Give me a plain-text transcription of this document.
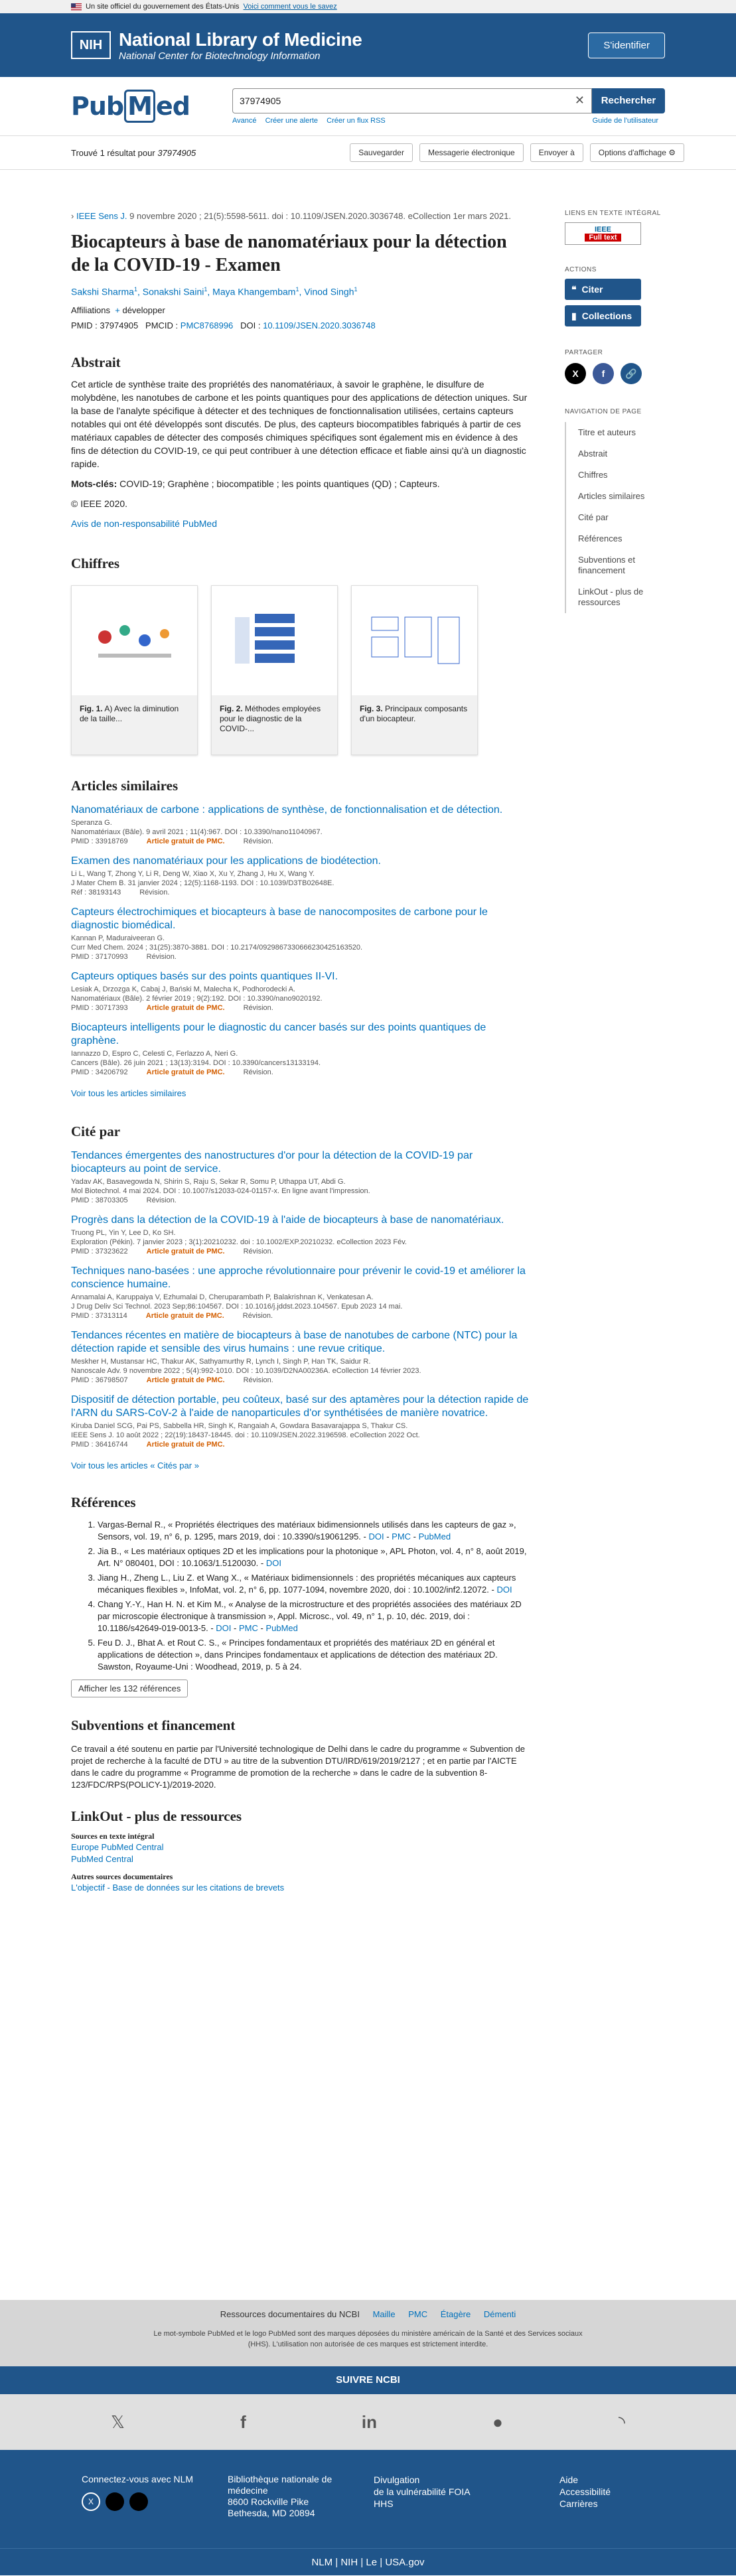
Un site officiel du gouvernement des États-Unis Voici comment vous le savez
NIH National Library of Medicine
National Center for Biotechnology Information
S'identifier
Pub M ed	37974905	✕	Rechercher
Avancé Créer une alerte Créer un flux RSS	Guide de l'utilisateur
Trouvé 1 résultat pour 37974905	Sauvegarder	Messagerie électronique	Envoyer à	Options d'affichage ⚙
› IEEE Sens J. 9 novembre 2020 ; 21(5):5598-5611. doi : 10.1109/JSEN.2020.3036748. eCollection 1er mars 2021.
Biocapteurs à base de nanomatériaux pour la détection de la COVID-19 - Examen
Sakshi Sharma$^1$, Sonakshi Saini$^1$, Maya Khangembam$^1$, Vinod Singh$^1$
Affiliations + développer
PMID : 37974905 PMCID : PMC8768996 DOI : 10.1109/JSEN.2020.3036748
Abstrait

Cet article de synthèse traite des propriétés des nanomatériaux, à savoir le graphène, le disulfure de molybdène, les nanotubes de carbone et les points quantiques pour des applications de détection uniques. Sur la base de l'analyte spécifique à détecter et des techniques de fonctionnalisation utilisées, certains capteurs notables qui ont été développés sont discutés. De plus, des capteurs biocompatibles fabriqués à partir de ces matériaux capables de détecter des composés chimiques spécifiques sont également mis en évidence à des fins de détection du COVID-19, ce qui peut contribuer à une détection efficace et fiable ainsi qu'à un diagnostic rapide.

Mots-clés: COVID-19; Graphène ; biocompatible ; les points quantiques (QD) ; Capteurs.

© IEEE 2020.

Avis de non-responsabilité PubMed

Chiffres
Fig. 1. A) Avec la diminution de la taille...
Fig. 2. Méthodes employées pour le diagnostic de la COVID-...
Fig. 3. Principaux composants d'un biocapteur.
Articles similaires
Nanomatériaux de carbone : applications de synthèse, de fonctionnalisation et de détection.
Speranza G.
Nanomatériaux (Bâle). 9 avril 2021 ; 11(4):967. DOI : 10.3390/nano11040967.
PMID : 33918769	Article gratuit de PMC.	Révision.
Examen des nanomatériaux pour les applications de biodétection.
Li L, Wang T, Zhong Y, Li R, Deng W, Xiao X, Xu Y, Zhang J, Hu X, Wang Y.
J Mater Chem B. 31 janvier 2024 ; 12(5):1168-1193. DOI : 10.1039/D3TB02648E.
Réf : 38193143	Révision.
Capteurs électrochimiques et biocapteurs à base de nanocomposites de carbone pour le diagnostic biomédical.
Kannan P, Maduraiveeran G.
Curr Med Chem. 2024 ; 31(25):3870-3881. DOI : 10.2174/0929867330666230425163520.
PMID : 37170993	Révision.
Capteurs optiques basés sur des points quantiques II-VI.
Lesiak A, Drzozga K, Cabaj J, Bański M, Malecha K, Podhorodecki A.
Nanomatériaux (Bâle). 2 février 2019 ; 9(2):192. DOI : 10.3390/nano9020192.
PMID : 30717393	Article gratuit de PMC.	Révision.
Biocapteurs intelligents pour le diagnostic du cancer basés sur des points quantiques de graphène.
Iannazzo D, Espro C, Celesti C, Ferlazzo A, Neri G.
Cancers (Bâle). 26 juin 2021 ; 13(13):3194. DOI : 10.3390/cancers13133194.
PMID : 34206792	Article gratuit de PMC.	Révision.
Voir tous les articles similaires
Cité par
Tendances émergentes des nanostructures d'or pour la détection de la COVID-19 par biocapteurs au point de service.
Yadav AK, Basavegowda N, Shirin S, Raju S, Sekar R, Somu P, Uthappa UT, Abdi G.
Mol Biotechnol. 4 mai 2024. DOI : 10.1007/s12033-024-01157-x. En ligne avant l'impression.
PMID : 38703305	Révision.
Progrès dans la détection de la COVID-19 à l'aide de biocapteurs à base de nanomatériaux.
Truong PL, Yin Y, Lee D, Ko SH.
Exploration (Pékin). 7 janvier 2023 ; 3(1):20210232. doi : 10.1002/EXP.20210232. eCollection 2023 Fév.
PMID : 37323622	Article gratuit de PMC.	Révision.
Techniques nano-basées : une approche révolutionnaire pour prévenir le covid-19 et améliorer la conscience humaine.
Annamalai A, Karuppaiya V, Ezhumalai D, Cheruparambath P, Balakrishnan K, Venkatesan A.
J Drug Deliv Sci Technol. 2023 Sep;86:104567. DOI : 10.1016/j.jddst.2023.104567. Epub 2023 14 mai.
PMID : 37313114	Article gratuit de PMC.	Révision.
Tendances récentes en matière de biocapteurs à base de nanotubes de carbone (NTC) pour la détection rapide et sensible des virus humains : une revue critique.
Meskher H, Mustansar HC, Thakur AK, Sathyamurthy R, Lynch I, Singh P, Han TK, Saidur R.
Nanoscale Adv. 9 novembre 2022 ; 5(4):992-1010. DOI : 10.1039/D2NA00236A. eCollection 14 février 2023.
PMID : 36798507	Article gratuit de PMC.	Révision.
Dispositif de détection portable, peu coûteux, basé sur des aptamères pour la détection rapide de l'ARN du SARS-CoV-2 à l'aide de nanoparticules d'or synthétisées de manière novatrice.
Kiruba Daniel SCG, Pai PS, Sabbella HR, Singh K, Rangaiah A, Gowdara Basavarajappa S, Thakur CS.
IEEE Sens J. 10 août 2022 ; 22(19):18437-18445. doi : 10.1109/JSEN.2022.3196598. eCollection 2022 Oct.
PMID : 36416744	Article gratuit de PMC.
Voir tous les articles « Cités par »
Références
1. Vargas-Bernal R., « Propriétés électriques des matériaux bidimensionnels utilisés dans les capteurs de gaz », Sensors, vol. 19, n° 6, p. 1295, mars 2019, doi : 10.3390/s19061295. - DOI - PMC - PubMed
2. Jia B., « Les matériaux optiques 2D et les implications pour la photonique », APL Photon, vol. 4, n° 8, août 2019, Art. N° 080401, DOI : 10.1063/1.5120030. - DOI
3. Jiang H., Zheng L., Liu Z. et Wang X., « Matériaux bidimensionnels : des propriétés mécaniques aux capteurs mécaniques flexibles », InfoMat, vol. 2, n° 6, pp. 1077-1094, novembre 2020, doi : 10.1002/inf2.12072. - DOI
4. Chang Y.-Y., Han H. N. et Kim M., « Analyse de la microstructure et des propriétés associées des matériaux 2D par microscopie électronique à transmission », Appl. Microsc., vol. 49, n° 1, p. 10, déc. 2019, doi : 10.1186/s42649-019-0013-5. - DOI - PMC - PubMed
5. Feu D. J., Bhat A. et Rout C. S., « Principes fondamentaux et propriétés des matériaux 2D en général et applications de détection », dans Principes fondamentaux et applications de détection des matériaux 2D. Sawston, Royaume-Uni : Woodhead, 2019, p. 5 à 24.
Afficher les 132 références
Subventions et financement

Ce travail a été soutenu en partie par l'Université technologique de Delhi dans le cadre du programme « Subvention de projet de recherche à la faculté de DTU » au titre de la subvention DTU/IRD/619/2019/2127 ; et en partie par l'AICTE dans le cadre du programme « Programme de promotion de la recherche » dans le cadre de la subvention 8-123/FDC/RPS(POLICY-1)/2019-2020.

LinkOut - plus de ressources
Sources en texte intégral
Europe PubMed Central
PubMed Central
Autres sources documentaires
L'objectif - Base de données sur les citations de brevets
LIENS EN TEXTE INTÉGRAL
IEEE
Full text
ACTIONS
❝ Citer
▮ Collections
PARTAGER
X	f	🔗
NAVIGATION DE PAGE
Titre et auteurs
Abstrait
Chiffres
Articles similaires
Cité par
Références
Subventions et financement
LinkOut - plus de ressources
Ressources documentaires du NCBI Maille PMC Étagère Démenti
Le mot-symbole PubMed et le logo PubMed sont des marques déposées du ministère américain de la Santé et des Services sociaux (HHS). L'utilisation non autorisée de ces marques est strictement interdite.
SUIVRE NCBI
𝕏	f	in	●	◝
Connectez-vous avec NLM
X
Bibliothèque nationale de médecine
8600 Rockville Pike
Bethesda, MD 20894
Divulgation
de la vulnérabilité FOIA
HHS
Aide
Accessibilité
Carrières
NLM | NIH | Le | USA.gov
